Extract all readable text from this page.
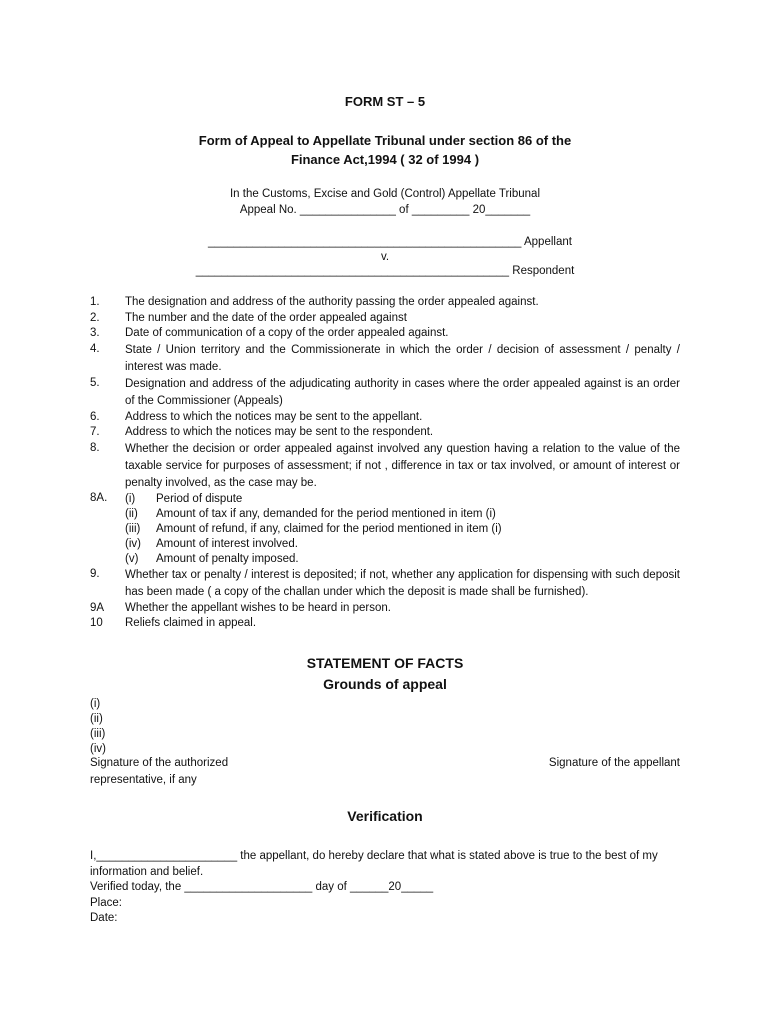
FORM ST – 5
Form of Appeal to Appellate Tribunal under section 86 of the
Finance Act,1994 ( 32 of 1994 )
In the Customs, Excise and Gold (Control) Appellate Tribunal
Appeal No. _______________ of _________ 20_______
_________________________________________________ Appellant
v.
_________________________________________________ Respondent
1.	The designation and address of the authority passing the order appealed against.
2.	The number and the date of the order appealed against
3.	Date of communication of a copy of the order appealed against.
4.	State / Union territory and the Commissionerate in which the order / decision of assessment / penalty / interest was made.
5.	Designation and address of the adjudicating authority in cases where the order appealed against is an order of the Commissioner (Appeals)
6.	Address to which the notices may be sent to the appellant.
7.	Address to which the notices may be sent to the respondent.
8.	Whether the decision or order appealed against involved any question having a relation to the value of the taxable service for purposes of assessment; if not , difference in tax or tax involved, or amount of interest or penalty involved, as the case may be.
8A. (i)	Period of dispute
(ii)	Amount of tax if any, demanded for the period mentioned in item (i)
(iii)	Amount of refund, if any, claimed for the period mentioned in item (i)
(iv)	Amount of interest involved.
(v)	Amount of penalty imposed.
9.	Whether tax or penalty / interest is deposited; if not, whether any application for dispensing with such deposit has been made ( a copy of the challan under which the deposit is made shall be furnished).
9A	Whether the appellant wishes to be heard in person.
10	Reliefs claimed in appeal.
STATEMENT OF FACTS
Grounds of appeal
(i)
(ii)
(iii)
(iv)
Signature of the authorized
representative, if any
Signature of the appellant
Verification
I,______________________ the appellant, do hereby declare that what is stated above is true to the best of my information and belief.
Verified today, the ____________________ day of ______20_____
Place:
Date:
